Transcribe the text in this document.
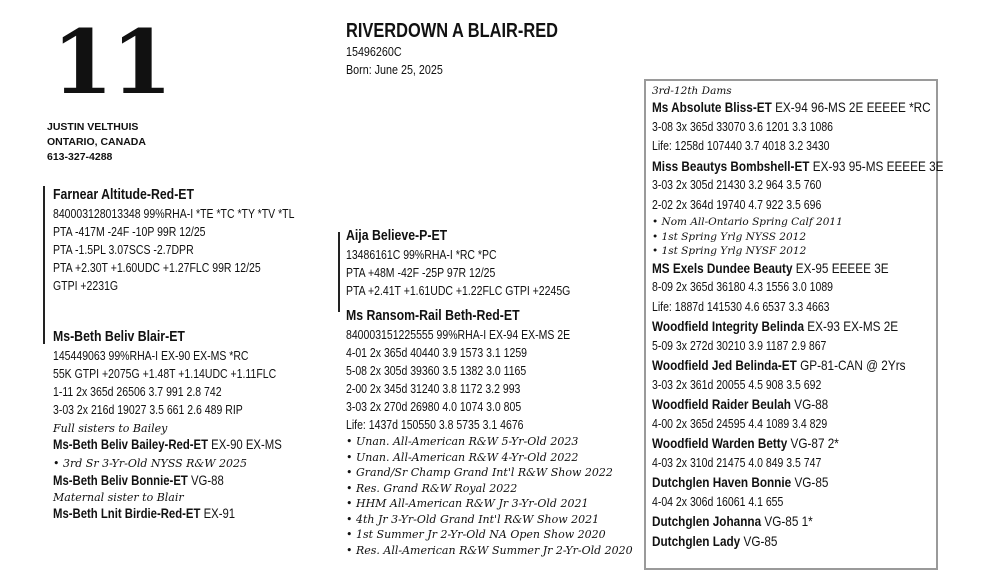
11
JUSTIN VELTHUIS
ONTARIO, CANADA
613-327-4288
RIVERDOWN A BLAIR-RED
15496260C
Born: June 25, 2025
Farnear Altitude-Red-ET
840003128013348 99%RHA-I *TE *TC *TY *TV *TL
PTA -417M -24F -10P 99R 12/25
PTA -1.5PL 3.07SCS -2.7DPR
PTA +2.30T +1.60UDC +1.27FLC 99R 12/25
GTPI +2231G
Ms-Beth Beliv Blair-ET
145449063 99%RHA-I EX-90 EX-MS *RC
55K GTPI +2075G +1.48T +1.14UDC +1.11FLC
1-11 2x 365d 26506 3.7 991 2.8 742
3-03 2x 216d 19027 3.5 661 2.6 489 RIP
Full sisters to Bailey
Ms-Beth Beliv Bailey-Red-ET EX-90 EX-MS
• 3rd Sr 3-Yr-Old NYSS R&W 2025
Ms-Beth Beliv Bonnie-ET VG-88
Maternal sister to Blair
Ms-Beth Lnit Birdie-Red-ET EX-91
Aija Believe-P-ET
13486161C 99%RHA-I *RC *PC
PTA +48M -42F -25P 97R 12/25
PTA +2.41T +1.61UDC +1.22FLC GTPI +2245G
Ms Ransom-Rail Beth-Red-ET
840003151225555 99%RHA-I EX-94 EX-MS 2E
4-01 2x 365d 40440 3.9 1573 3.1 1259
5-08 2x 305d 39360 3.5 1382 3.0 1165
2-00 2x 345d 31240 3.8 1172 3.2 993
3-03 2x 270d 26980 4.0 1074 3.0 805
Life: 1437d 150550 3.8 5735 3.1 4676
• Unan. All-American R&W 5-Yr-Old 2023
• Unan. All-American R&W 4-Yr-Old 2022
• Grand/Sr Champ Grand Int'l R&W Show 2022
• Res. Grand R&W Royal 2022
• HHM All-American R&W Jr 3-Yr-Old 2021
• 4th Jr 3-Yr-Old Grand Int'l R&W Show 2021
• 1st Summer Jr 2-Yr-Old NA Open Show 2020
• Res. All-American R&W Summer Jr 2-Yr-Old 2020
3rd-12th Dams
Ms Absolute Bliss-ET EX-94 96-MS 2E EEEEE *RC
3-08 3x 365d 33070 3.6 1201 3.3 1086
Life: 1258d 107440 3.7 4018 3.2 3430
Miss Beautys Bombshell-ET EX-93 95-MS EEEEE 3E
3-03 2x 305d 21430 3.2 964 3.5 760
2-02 2x 364d 19740 4.7 922 3.5 696
• Nom All-Ontario Spring Calf 2011
• 1st Spring Yrlg NYSS 2012
• 1st Spring Yrlg NYSF 2012
MS Exels Dundee Beauty EX-95 EEEEE 3E
8-09 2x 365d 36180 4.3 1556 3.0 1089
Life: 1887d 141530 4.6 6537 3.3 4663
Woodfield Integrity Belinda EX-93 EX-MS 2E
5-09 3x 272d 30210 3.9 1187 2.9 867
Woodfield Jed Belinda-ET GP-81-CAN @ 2Yrs
3-03 2x 361d 20055 4.5 908 3.5 692
Woodfield Raider Beulah VG-88
4-00 2x 365d 24595 4.4 1089 3.4 829
Woodfield Warden Betty VG-87 2*
4-03 2x 310d 21475 4.0 849 3.5 747
Dutchglen Haven Bonnie VG-85
4-04 2x 306d 16061 4.1 655
Dutchglen Johanna VG-85 1*
Dutchglen Lady VG-85
